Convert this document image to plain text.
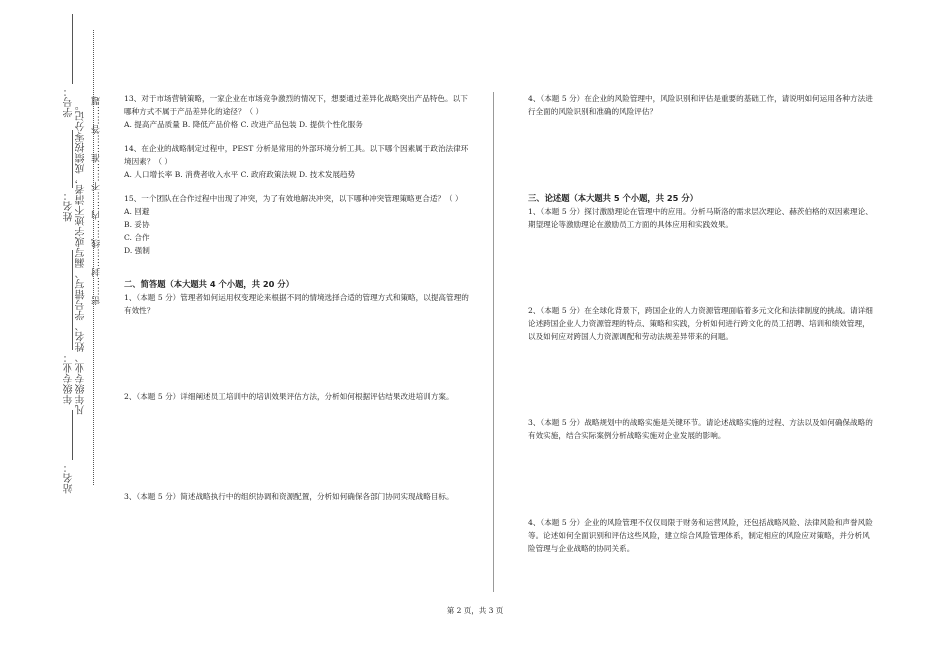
学号： 密……封……线……内……不……准……答……题
姓名： 凡年级专业、姓名、学号错写、漏写或字迹不清者，成绩按零分记。
年级专业：
站名：

13、对于市场营销策略，一家企业在市场竞争激烈的情况下，想要通过差异化战略突出产品特色。以下哪种方式不属于产品差异化的途径？（ ）

A. 提高产品质量 B. 降低产品价格 C. 改进产品包装 D. 提供个性化服务

14、在企业的战略制定过程中，PEST 分析是常用的外部环境分析工具。以下哪个因素属于政治法律环境因素？（ ）

A. 人口增长率 B. 消费者收入水平 C. 政府政策法规 D. 技术发展趋势

15、一个团队在合作过程中出现了冲突，为了有效地解决冲突，以下哪种冲突管理策略更合适？（ ）

A. 回避

B. 妥协

C. 合作

D. 强制

二、简答题（本大题共 4 个小题，共 20 分）

1、（本题 5 分）管理者如何运用权变理论来根据不同的情境选择合适的管理方式和策略，以提高管理的有效性？

2、（本题 5 分）详细阐述员工培训中的培训效果评估方法，分析如何根据评估结果改进培训方案。

3、（本题 5 分）简述战略执行中的组织协调和资源配置，分析如何确保各部门协同实现战略目标。

4、（本题 5 分）在企业的风险管理中，风险识别和评估是重要的基础工作，请说明如何运用各种方法进行全面的风险识别和准确的风险评估？

三、论述题（本大题共 5 个小题，共 25 分）

1、（本题 5 分）探讨激励理论在管理中的应用。分析马斯洛的需求层次理论、赫茨伯格的双因素理论、期望理论等激励理论在激励员工方面的具体应用和实践效果。

2、（本题 5 分）在全球化背景下，跨国企业的人力资源管理面临着多元文化和法律制度的挑战。请详细论述跨国企业人力资源管理的特点、策略和实践，分析如何进行跨文化的员工招聘、培训和绩效管理，以及如何应对跨国人力资源调配和劳动法规差异带来的问题。

3、（本题 5 分）战略规划中的战略实施是关键环节。请论述战略实施的过程、方法以及如何确保战略的有效实施，结合实际案例分析战略实施对企业发展的影响。

4、（本题 5 分）企业的风险管理不仅仅局限于财务和运营风险，还包括战略风险、法律风险和声誉风险等。论述如何全面识别和评估这些风险，建立综合风险管理体系，制定相应的风险应对策略，并分析风险管理与企业战略的协同关系。

第 2 页，共 3 页
